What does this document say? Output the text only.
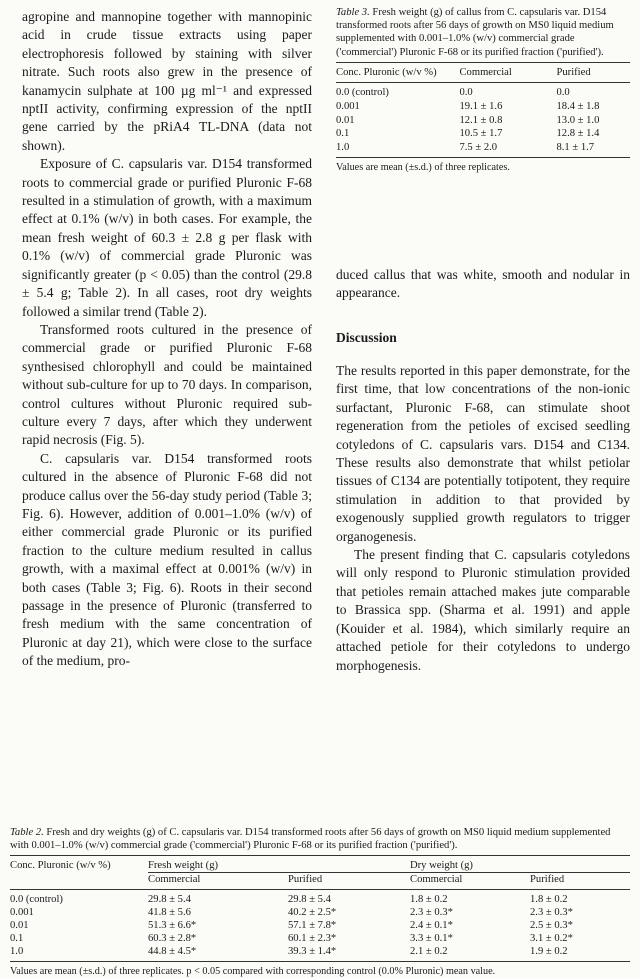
agropine and mannopine together with mannopinic acid in crude tissue extracts using paper electrophoresis followed by staining with silver nitrate. Such roots also grew in the presence of kanamycin sulphate at 100 µg ml⁻¹ and expressed nptII activity, confirming expression of the nptII gene carried by the pRiA4 TL-DNA (data not shown).

Exposure of C. capsularis var. D154 transformed roots to commercial grade or purified Pluronic F-68 resulted in a stimulation of growth, with a maximum effect at 0.1% (w/v) in both cases. For example, the mean fresh weight of 60.3 ± 2.8 g per flask with 0.1% (w/v) of commercial grade Pluronic was significantly greater (p < 0.05) than the control (29.8 ± 5.4 g; Table 2). In all cases, root dry weights followed a similar trend (Table 2).

Transformed roots cultured in the presence of commercial grade or purified Pluronic F-68 synthesised chlorophyll and could be maintained without sub-culture for up to 70 days. In comparison, control cultures without Pluronic required sub-culture every 7 days, after which they underwent rapid necrosis (Fig. 5).

C. capsularis var. D154 transformed roots cultured in the absence of Pluronic F-68 did not produce callus over the 56-day study period (Table 3; Fig. 6). However, addition of 0.001–1.0% (w/v) of either commercial grade Pluronic or its purified fraction to the culture medium resulted in callus growth, with a maximal effect at 0.001% (w/v) in both cases (Table 3; Fig. 6). Roots in their second passage in the presence of Pluronic (transferred to fresh medium with the same concentration of Pluronic at day 21), which were close to the surface of the medium, pro-

Table 3. Fresh weight (g) of callus from C. capsularis var. D154 transformed roots after 56 days of growth on MS0 liquid medium supplemented with 0.001–1.0% (w/v) commercial grade ('commercial') Pluronic F-68 or its purified fraction ('purified').
Conc. Pluronic (w/v %)	Commercial	Purified
0.0 (control)	0.0	0.0
0.001	19.1 ± 1.6	18.4 ± 1.8
0.01	12.1 ± 0.8	13.0 ± 1.0
0.1	10.5 ± 1.7	12.8 ± 1.4
1.0	7.5 ± 2.0	8.1 ± 1.7
Values are mean (±s.d.) of three replicates.

duced callus that was white, smooth and nodular in appearance.

Discussion

The results reported in this paper demonstrate, for the first time, that low concentrations of the non-ionic surfactant, Pluronic F-68, can stimulate shoot regeneration from the petioles of excised seedling cotyledons of C. capsularis vars. D154 and C134. These results also demonstrate that whilst petiolar tissues of C134 are potentially totipotent, they require stimulation in addition to that provided by exogenously supplied growth regulators to trigger organogenesis.

The present finding that C. capsularis cotyledons will only respond to Pluronic stimulation provided that petioles remain attached makes jute comparable to Brassica spp. (Sharma et al. 1991) and apple (Kouider et al. 1984), which similarly require an attached petiole for their cotyledons to undergo morphogenesis.

Table 2. Fresh and dry weights (g) of C. capsularis var. D154 transformed roots after 56 days of growth on MS0 liquid medium supplemented with 0.001–1.0% (w/v) commercial grade ('commercial') Pluronic F-68 or its purified fraction ('purified').
Conc. Pluronic (w/v %)	Fresh weight (g)		Dry weight (g)	
	Commercial	Purified	Commercial	Purified
0.0 (control)	29.8 ± 5.4	29.8 ± 5.4	1.8 ± 0.2	1.8 ± 0.2
0.001	41.8 ± 5.6	40.2 ± 2.5*	2.3 ± 0.3*	2.3 ± 0.3*
0.01	51.3 ± 6.6*	57.1 ± 7.8*	2.4 ± 0.1*	2.5 ± 0.3*
0.1	60.3 ± 2.8*	60.1 ± 2.3*	3.3 ± 0.1*	3.1 ± 0.2*
1.0	44.8 ± 4.5*	39.3 ± 1.4*	2.1 ± 0.2	1.9 ± 0.2
Values are mean (±s.d.) of three replicates. p < 0.05 compared with corresponding control (0.0% Pluronic) mean value.
